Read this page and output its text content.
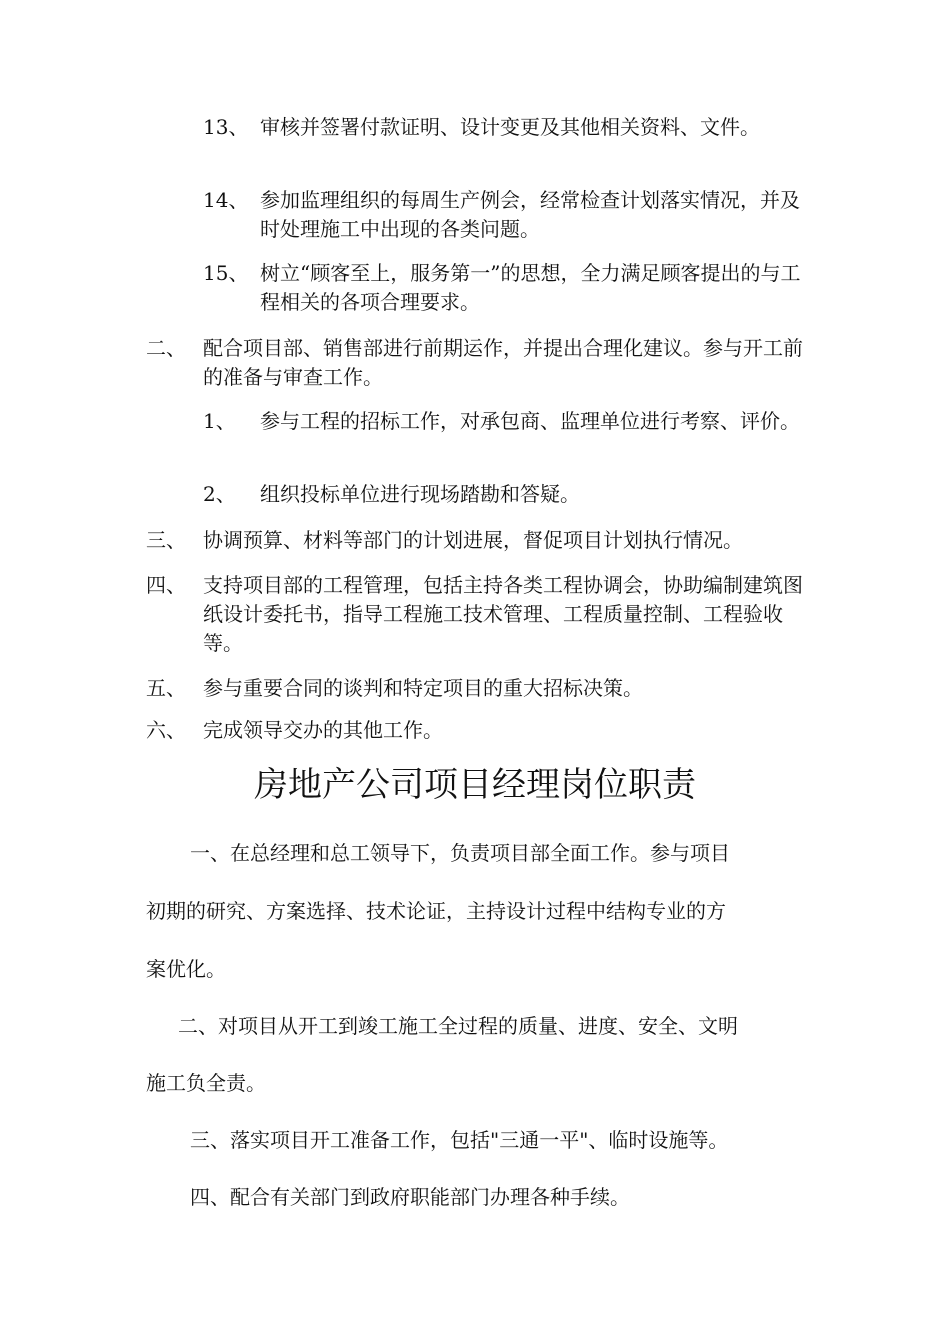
13、 审核并签署付款证明、设计变更及其他相关资料、文件。
14、 参加监理组织的每周生产例会，经常检查计划落实情况，并及时处理施工中出现的各类问题。
15、 树立“顾客至上，服务第一”的思想，全力满足顾客提出的与工程相关的各项合理要求。
二、 配合项目部、销售部进行前期运作，并提出合理化建议。参与开工前的准备与审查工作。
1、 参与工程的招标工作，对承包商、监理单位进行考察、评价。
2、 组织投标单位进行现场踏勘和答疑。
三、 协调预算、材料等部门的计划进展，督促项目计划执行情况。
四、 支持项目部的工程管理，包括主持各类工程协调会，协助编制建筑图纸设计委托书，指导工程施工技术管理、工程质量控制、工程验收等。
五、 参与重要合同的谈判和特定项目的重大招标决策。
六、 完成领导交办的其他工作。
房地产公司项目经理岗位职责
一、在总经理和总工领导下，负责项目部全面工作。参与项目
初期的研究、方案选择、技术论证，主持设计过程中结构专业的方
案优化。
二、对项目从开工到竣工施工全过程的质量、进度、安全、文明
施工负全责。
三、落实项目开工准备工作，包括"三通一平"、临时设施等。
四、配合有关部门到政府职能部门办理各种手续。
